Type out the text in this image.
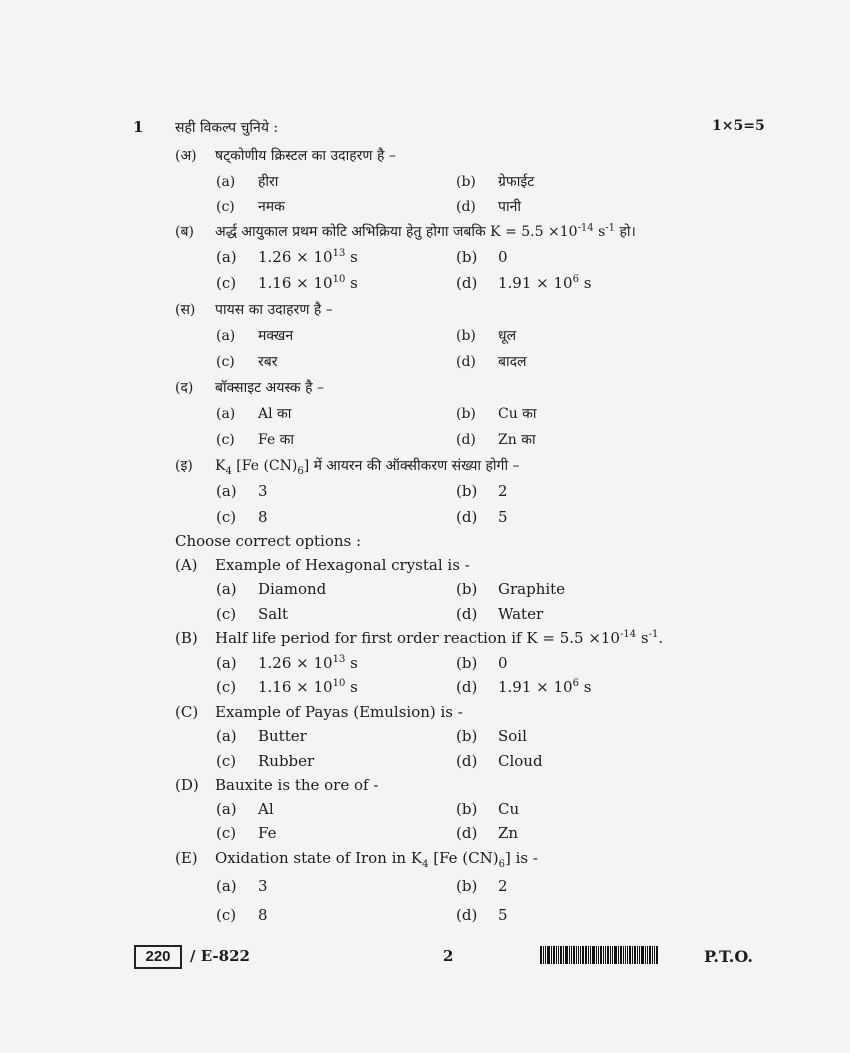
1 सही विकल्प चुनिये :	1×5=5
(अ) षट्कोणीय क्रिस्टल का उदाहरण है –
(a) हीरा	(b) ग्रेफाईट
(c) नमक	(d) पानी
(ब) अर्द्ध आयुकाल प्रथम कोटि अभिक्रिया हेतु होगा जबकि $K = 5.5 \times 10^{-14}$ $s^{-1}$ हो।
(a) $1.26 \times 10^{13}$ s	(b) 0
(c) $1.16 \times 10^{10}$ s	(d) $1.91 \times 10^6$ s
(स) पायस का उदाहरण है –
(a) मक्खन	(b) धूल
(c) रबर	(d) बादल
(द) बॉक्साइट अयस्क है –
(a) Al का	(b) Cu का
(c) Fe का	(d) Zn का
(इ) $K_4$ [Fe $(CN)_6$] में आयरन की ऑक्सीकरण संख्या होगी –
(a) 3	(b) 2
(c) 8	(d) 5
Choose correct options :
(A) Example of Hexagonal crystal is -
(a) Diamond	(b) Graphite
(c) Salt	(d) Water
(B) Half life period for first order reaction if $K = 5.5 \times 10^{-14}$ $s^{-1}$.
(a) $1.26 \times 10^{13}$ s	(b) 0
(c) $1.16 \times 10^{10}$ s	(d) $1.91 \times 10^6$ s
(C) Example of Payas (Emulsion) is -
(a) Butter	(b) Soil
(c) Rubber	(d) Cloud
(D) Bauxite is the ore of -
(a) Al	(b) Cu
(c) Fe	(d) Zn
(E) Oxidation state of Iron in $K_4$ [Fe $(CN)_6$] is -
(a) 3	(b) 2
(c) 8	(d) 5
220	/ E-822	2	P.T.O.
